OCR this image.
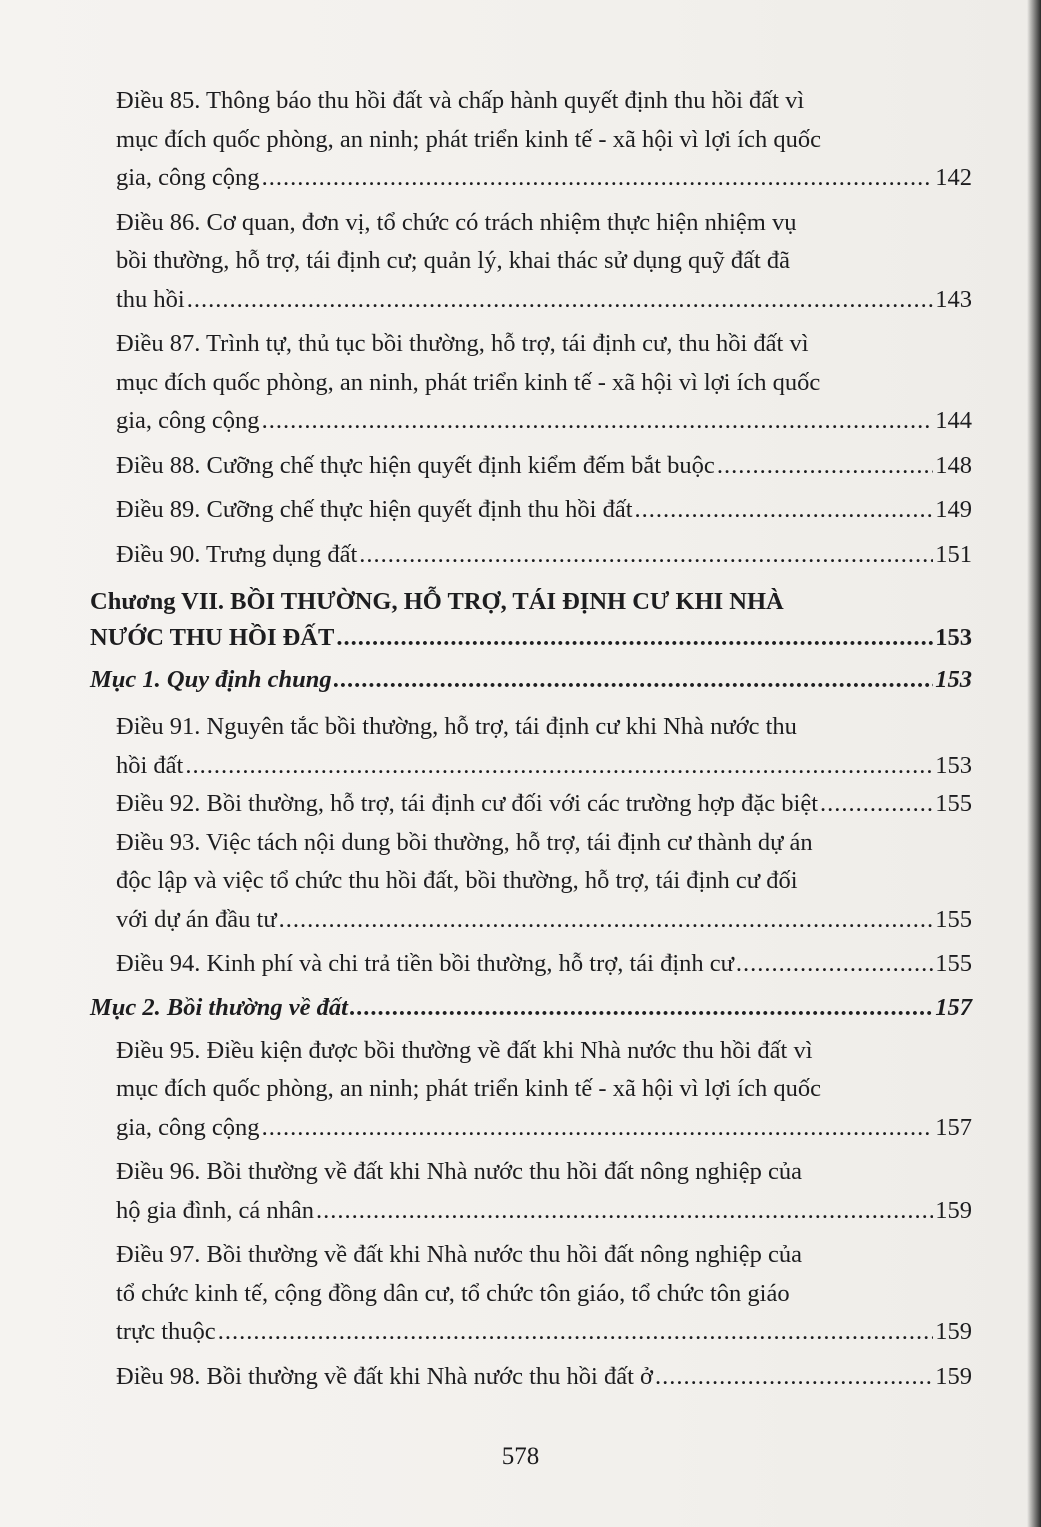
Điều 85. Thông báo thu hồi đất và chấp hành quyết định thu hồi đất vì
mục đích quốc phòng, an ninh; phát triển kinh tế - xã hội vì lợi ích quốc
gia, công cộng .....	142
Điều 86. Cơ quan, đơn vị, tổ chức có trách nhiệm thực hiện nhiệm vụ
bồi thường, hỗ trợ, tái định cư; quản lý, khai thác sử dụng quỹ đất đã
thu hồi .....	143
Điều 87. Trình tự, thủ tục bồi thường, hỗ trợ, tái định cư, thu hồi đất vì
mục đích quốc phòng, an ninh, phát triển kinh tế - xã hội vì lợi ích quốc
gia, công cộng .....	144
Điều 88. Cưỡng chế thực hiện quyết định kiểm đếm bắt buộc .....	148
Điều 89. Cưỡng chế thực hiện quyết định thu hồi đất .....	149
Điều 90. Trưng dụng đất .....	151
Chương VII. BỒI THƯỜNG, HỖ TRỢ, TÁI ĐỊNH CƯ KHI NHÀ
NƯỚC THU HỒI ĐẤT .....	153
Mục 1. Quy định chung .....	153
Điều 91. Nguyên tắc bồi thường, hỗ trợ, tái định cư khi Nhà nước thu
hồi đất .....	153
Điều 92. Bồi thường, hỗ trợ, tái định cư đối với các trường hợp đặc biệt .....	155
Điều 93. Việc tách nội dung bồi thường, hỗ trợ, tái định cư thành dự án
độc lập và việc tổ chức thu hồi đất, bồi thường, hỗ trợ, tái định cư đối
với dự án đầu tư .....	155
Điều 94. Kinh phí và chi trả tiền bồi thường, hỗ trợ, tái định cư .....	155
Mục 2. Bồi thường về đất .....	157
Điều 95. Điều kiện được bồi thường về đất khi Nhà nước thu hồi đất vì
mục đích quốc phòng, an ninh; phát triển kinh tế - xã hội vì lợi ích quốc
gia, công cộng .....	157
Điều 96. Bồi thường về đất khi Nhà nước thu hồi đất nông nghiệp của
hộ gia đình, cá nhân .....	159
Điều 97. Bồi thường về đất khi Nhà nước thu hồi đất nông nghiệp của
tổ chức kinh tế, cộng đồng dân cư, tổ chức tôn giáo, tổ chức tôn giáo
trực thuộc .....	159
Điều 98. Bồi thường về đất khi Nhà nước thu hồi đất ở .....	159
578
